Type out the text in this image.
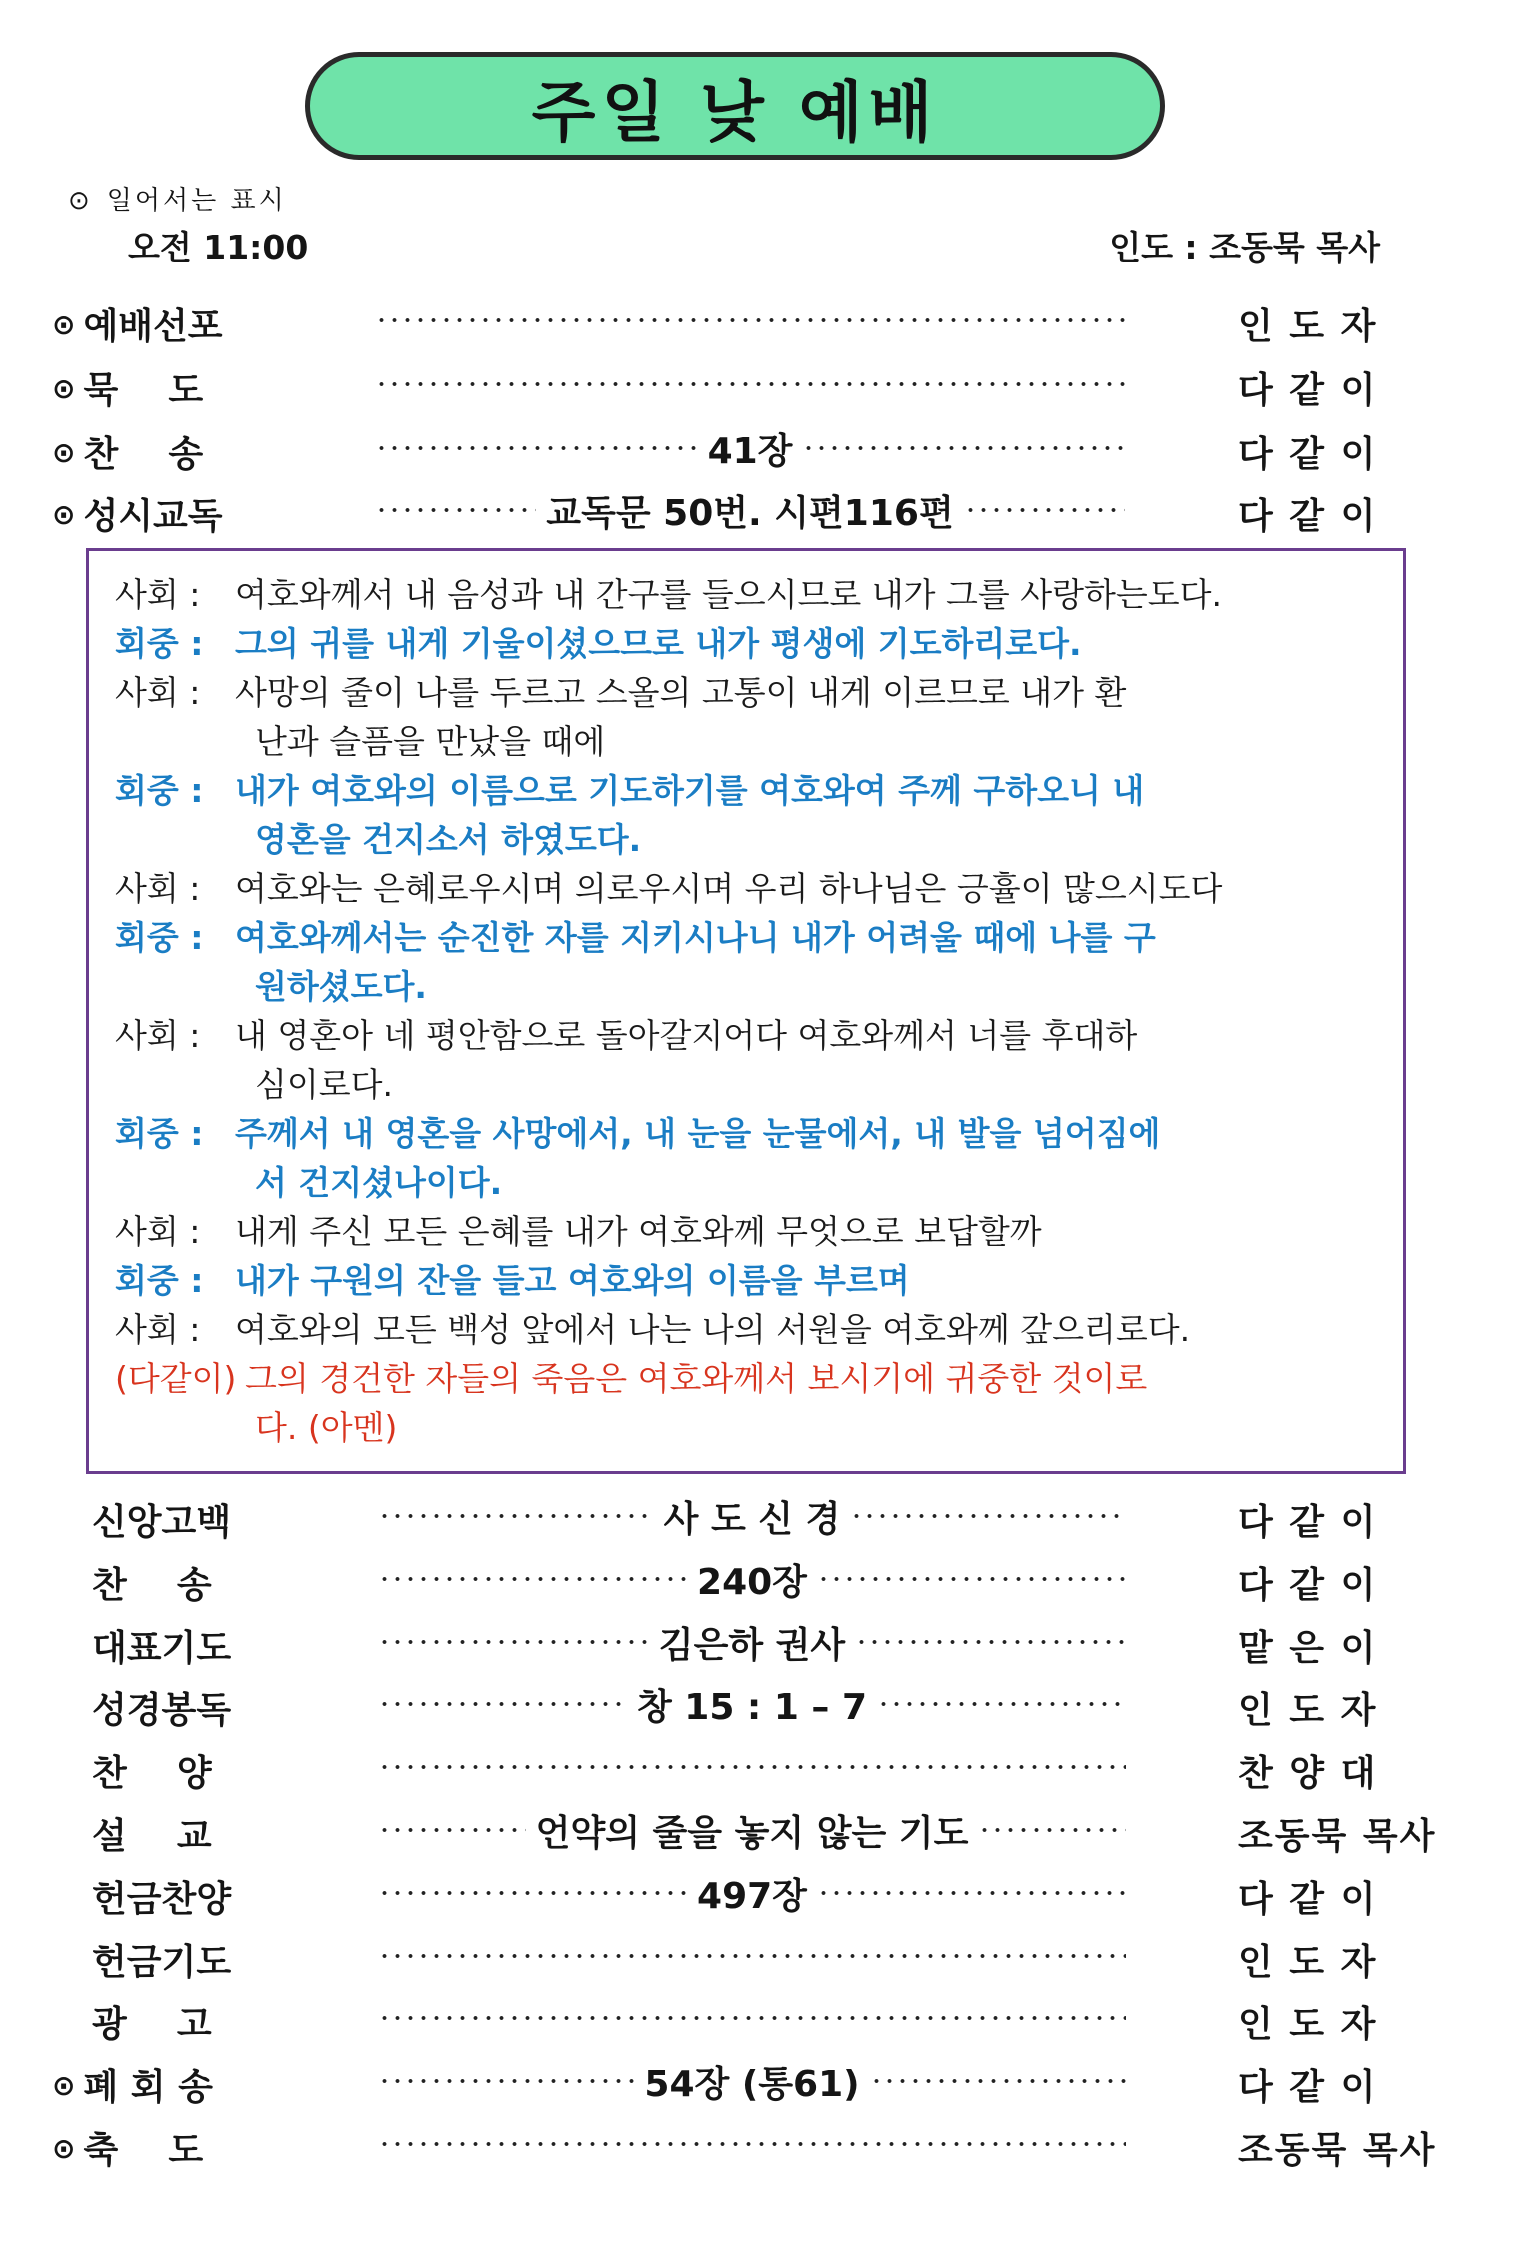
주일 낮 예배
⊙ 일어서는 표시
오전 11:00	인도 : 조동묵 목사
⊙ 예배선포	인 도 자
⊙ 묵    도	다 같 이
⊙ 찬    송	41장	다 같 이
⊙ 성시교독	교독문 50번. 시편116편	다 같 이
사회 : 여호와께서 내 음성과 내 간구를 들으시므로 내가 그를 사랑하는도다.
회중 : 그의 귀를 내게 기울이셨으므로 내가 평생에 기도하리로다.
사회 : 사망의 줄이 나를 두르고 스올의 고통이 내게 이르므로 내가 환
난과 슬픔을 만났을 때에
회중 : 내가 여호와의 이름으로 기도하기를 여호와여 주께 구하오니 내
영혼을 건지소서 하였도다.
사회 : 여호와는 은혜로우시며 의로우시며 우리 하나님은 긍휼이 많으시도다
회중 : 여호와께서는 순진한 자를 지키시나니 내가 어려울 때에 나를 구
원하셨도다.
사회 : 내 영혼아 네 평안함으로 돌아갈지어다 여호와께서 너를 후대하
심이로다.
회중 : 주께서 내 영혼을 사망에서, 내 눈을 눈물에서, 내 발을 넘어짐에
서 건지셨나이다.
사회 : 내게 주신 모든 은혜를 내가 여호와께 무엇으로 보답할까
회중 : 내가 구원의 잔을 들고 여호와의 이름을 부르며
사회 : 여호와의 모든 백성 앞에서 나는 나의 서원을 여호와께 갚으리로다.
(다같이) 그의 경건한 자들의 죽음은 여호와께서 보시기에 귀중한 것이로
다. (아멘)
신앙고백	사 도 신 경	다 같 이
찬    송	240장	다 같 이
대표기도	김은하 권사	맡 은 이
성경봉독	창 15 : 1 – 7	인 도 자
찬    양	찬 양 대
설    교	언약의 줄을 놓지 않는 기도	조동묵 목사
헌금찬양	497장	다 같 이
헌금기도	인 도 자
광    고	인 도 자
⊙ 폐 회 송	54장 (통61)	다 같 이
⊙ 축    도	조동묵 목사
